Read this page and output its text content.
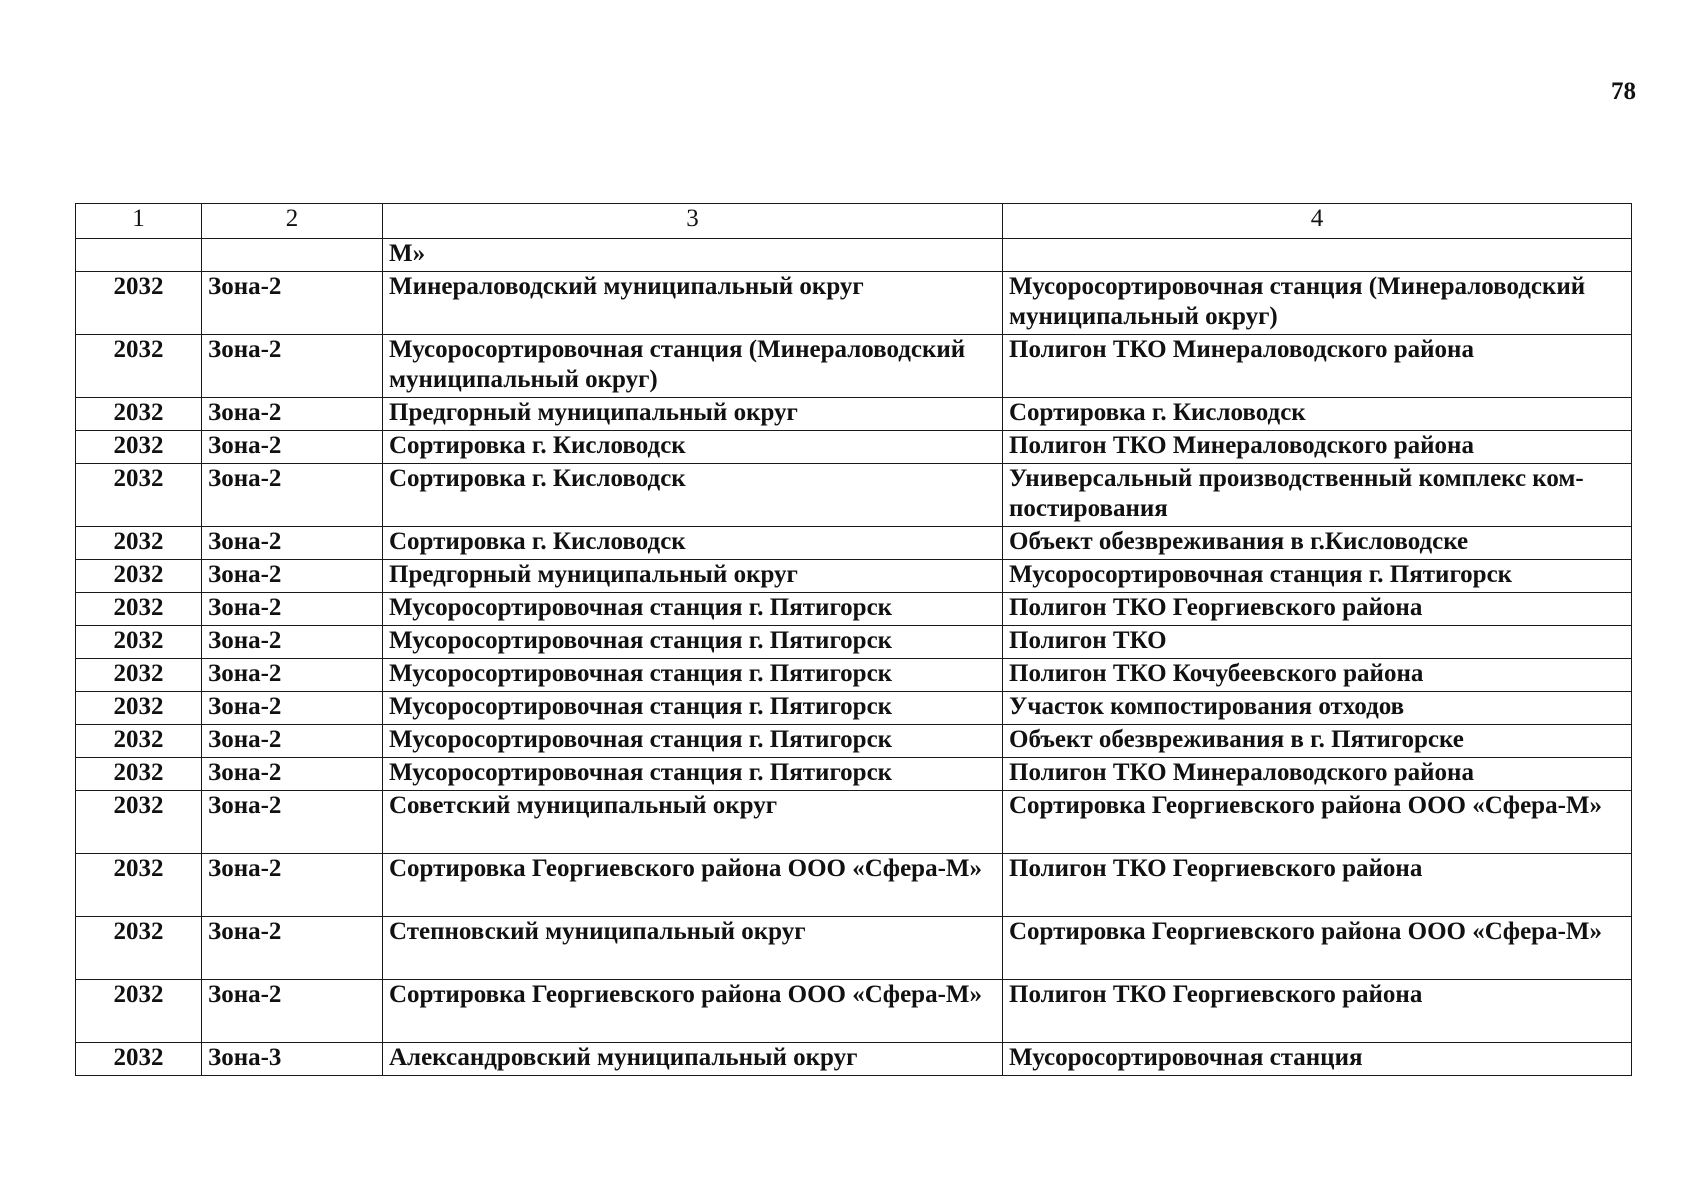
78
1	2	3	4
		М»	
2032	Зона-2	Минераловодский муниципальный округ	Мусоросортировочная станция (Минераловодский муниципальный округ)
2032	Зона-2	Мусоросортировочная станция (Минераловодский муниципальный округ)	Полигон ТКО Минераловодского района
2032	Зона-2	Предгорный муниципальный округ	Сортировка г. Кисловодск
2032	Зона-2	Сортировка г. Кисловодск	Полигон ТКО Минераловодского района
2032	Зона-2	Сортировка г. Кисловодск	Универсальный производственный комплекс ком-постирования
2032	Зона-2	Сортировка г. Кисловодск	Объект обезвреживания в г.Кисловодске
2032	Зона-2	Предгорный муниципальный округ	Мусоросортировочная станция г. Пятигорск
2032	Зона-2	Мусоросортировочная станция г. Пятигорск	Полигон ТКО Георгиевского района
2032	Зона-2	Мусоросортировочная станция г. Пятигорск	Полигон ТКО
2032	Зона-2	Мусоросортировочная станция г. Пятигорск	Полигон ТКО Кочубеевского района
2032	Зона-2	Мусоросортировочная станция г. Пятигорск	Участок компостирования отходов
2032	Зона-2	Мусоросортировочная станция г. Пятигорск	Объект обезвреживания в г. Пятигорске
2032	Зона-2	Мусоросортировочная станция г. Пятигорск	Полигон ТКО Минераловодского района
2032	Зона-2	Советский муниципальный округ	Сортировка Георгиевского района ООО «Сфера-М»
2032	Зона-2	Сортировка Георгиевского района ООО «Сфера-М»	Полигон ТКО Георгиевского района
2032	Зона-2	Степновский муниципальный округ	Сортировка Георгиевского района ООО «Сфера-М»
2032	Зона-2	Сортировка Георгиевского района ООО «Сфера-М»	Полигон ТКО Георгиевского района
2032	Зона-3	Александровский муниципальный округ	Мусоросортировочная станция
